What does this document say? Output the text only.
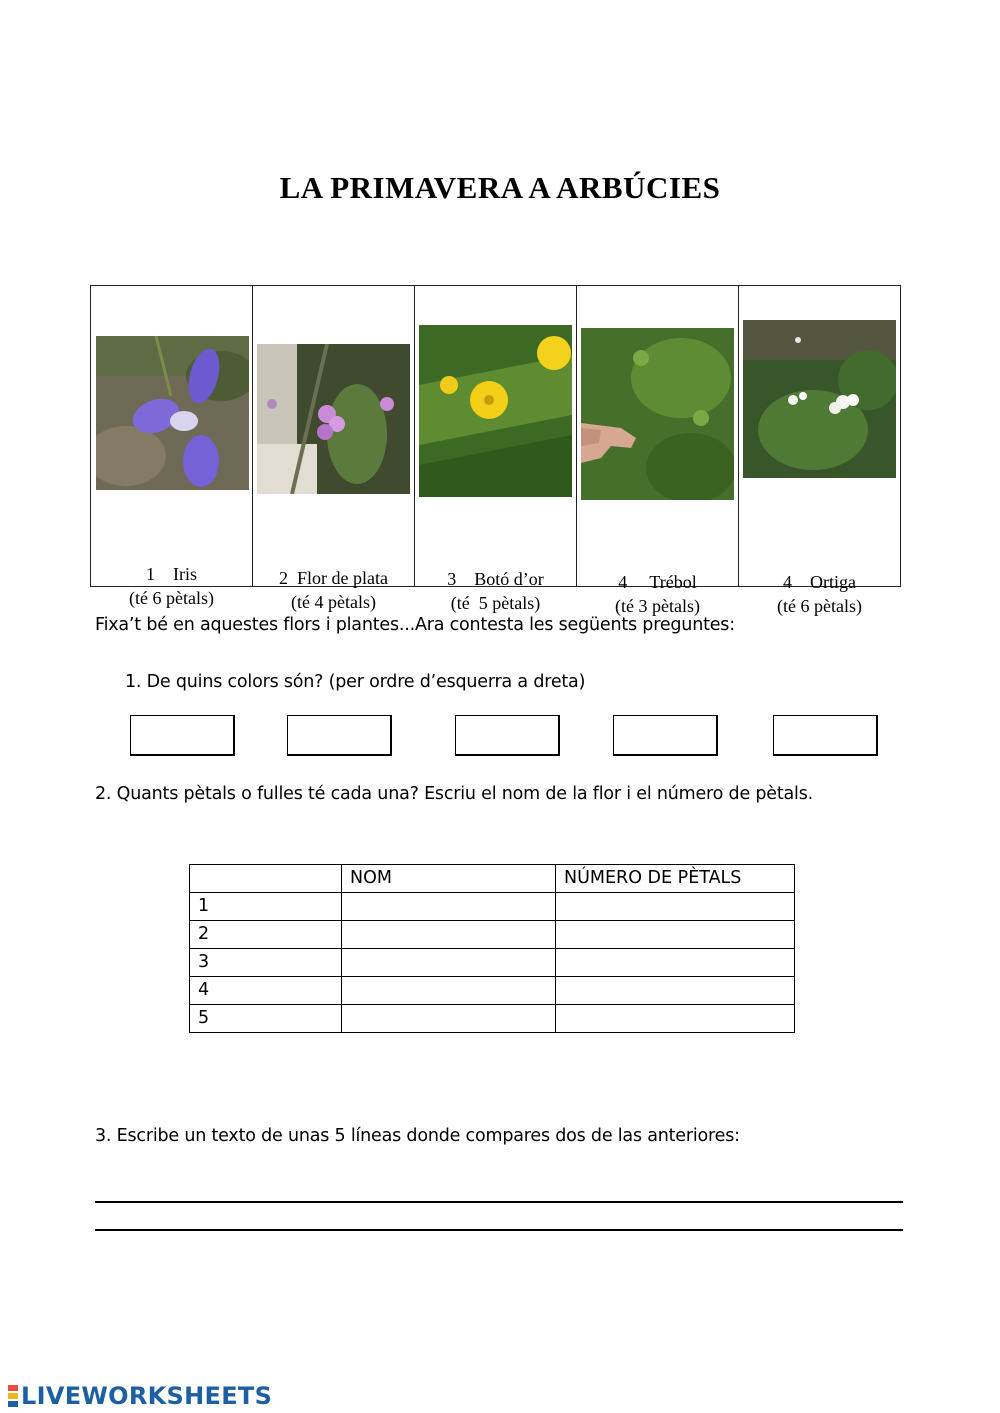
LA PRIMAVERA A ARBÚCIES

1    Iris
(té 6 pètals)

2  Flor de plata
(té 4 pètals)

3    Botó d’or
(té  5 pètals)

4     Trébol
(té 3 pètals)

4    Ortiga
(té 6 pètals)

Fixa’t bé en aquestes flors i plantes...Ara contesta les següents preguntes:
1. De quins colors són? (per ordre d’esquerra a dreta)
2. Quants pètals o fulles té cada una? Escriu el nom de la flor i el número de pètals.
	NOM	NÚMERO DE PÈTALS
1		
2		
3		
4		
5		
3. Escribe un texto de unas 5 líneas donde compares dos de las anteriores:
LIVEWORKSHEETS
